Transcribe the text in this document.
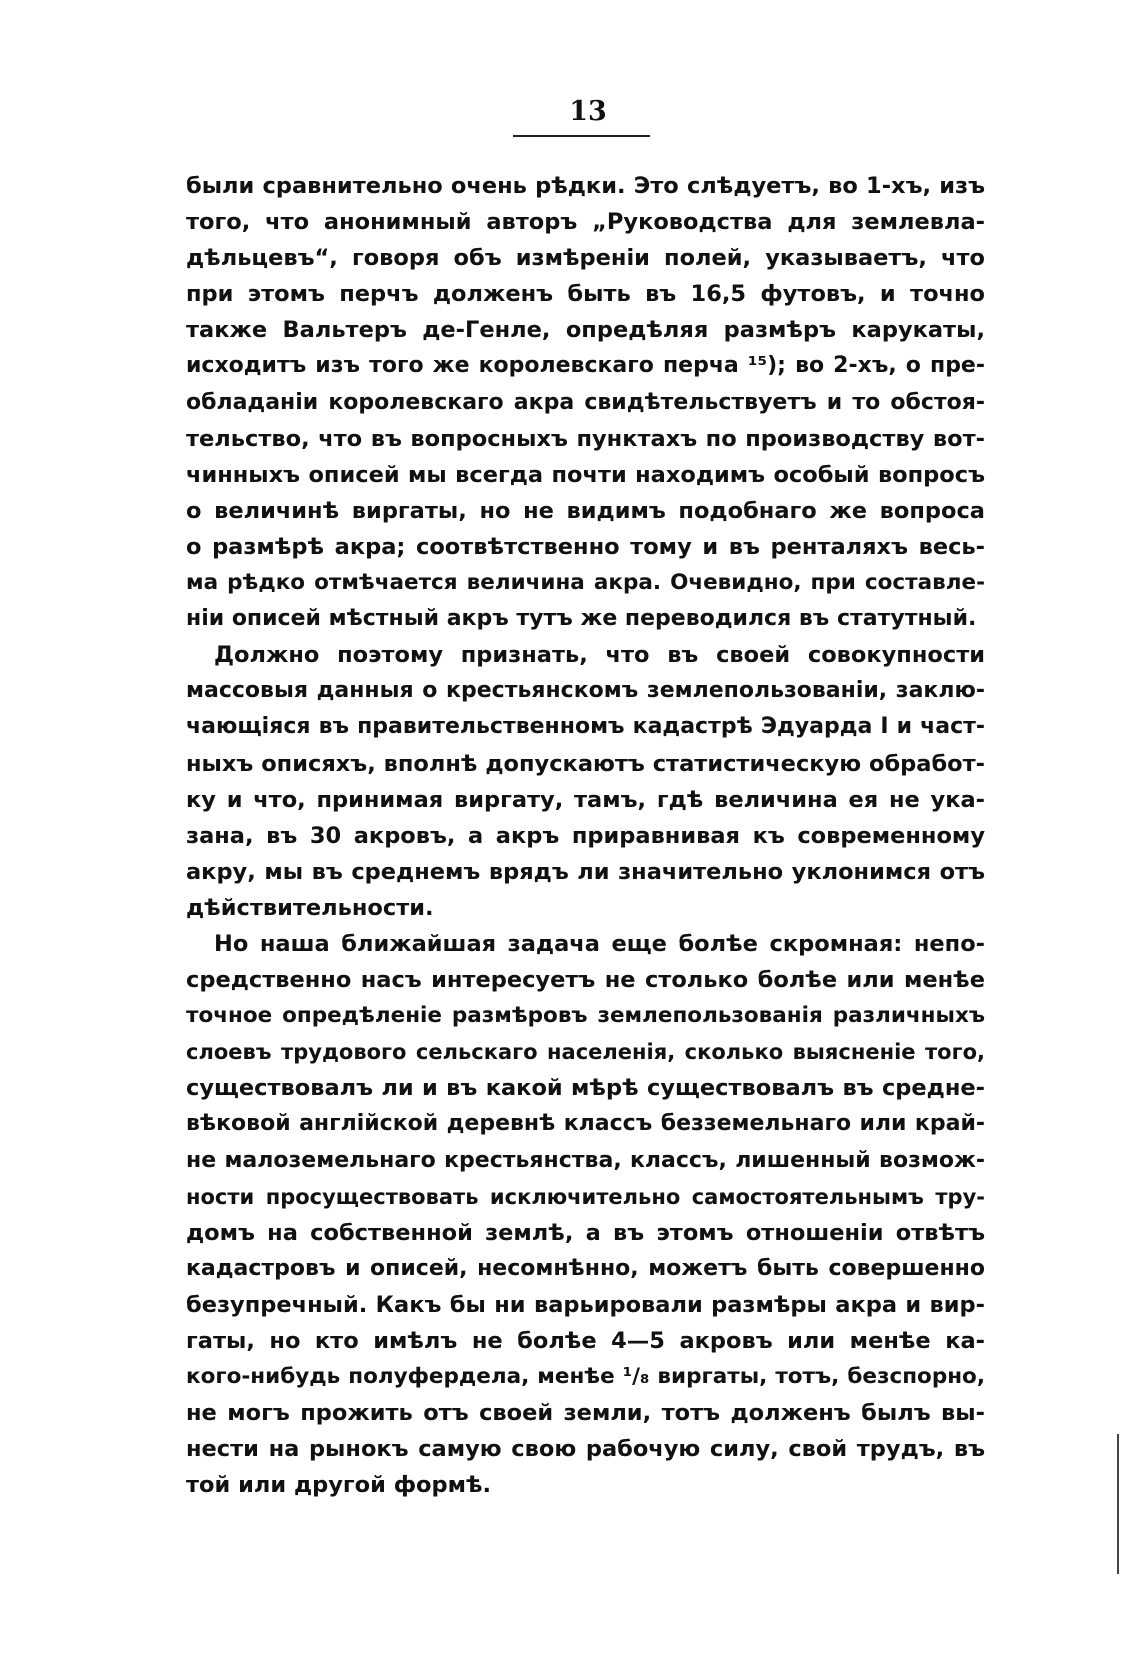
13
были сравнительно очень рѣдки. Это слѣдуетъ, во 1-хъ, изъ
того, что анонимный авторъ „Руководства для землевла-
дѣльцевъ“, говоря объ измѣреніи полей, указываетъ, что
при этомъ перчъ долженъ быть въ 16,5 футовъ, и точно
также Вальтеръ де-Генле, опредѣляя размѣръ карукаты,
исходитъ изъ того же королевскаго перча ¹⁵); во 2-хъ, о пре-
обладаніи королевскаго акра свидѣтельствуетъ и то обстоя-
тельство, что въ вопросныхъ пунктахъ по производству вот-
чинныхъ описей мы всегда почти находимъ особый вопросъ
о величинѣ виргаты, но не видимъ подобнаго же вопроса
о размѣрѣ акра; соотвѣтственно тому и въ ренталяхъ весь-
ма рѣдко отмѣчается величина акра. Очевидно, при составле-
ніи описей мѣстный акръ тутъ же переводился въ статутный.
Должно поэтому признать, что въ своей совокупности
массовыя данныя о крестьянскомъ землепользованіи, заклю-
чающіяся въ правительственномъ кадастрѣ Эдуарда I и част-
ныхъ описяхъ, вполнѣ допускаютъ статистическую обработ-
ку и что, принимая виргату, тамъ, гдѣ величина ея не ука-
зана, въ 30 акровъ, а акръ приравнивая къ современному
акру, мы въ среднемъ врядъ ли значительно уклонимся отъ
дѣйствительности.
Но наша ближайшая задача еще болѣе скромная: непо-
средственно насъ интересуетъ не столько болѣе или менѣе
точное опредѣленіе размѣровъ землепользованія различныхъ
слоевъ трудового сельскаго населенія, сколько выясненіе того,
существовалъ ли и въ какой мѣрѣ существовалъ въ средне-
вѣковой англійской деревнѣ классъ безземельнаго или край-
не малоземельнаго крестьянства, классъ, лишенный возмож-
ности просуществовать исключительно самостоятельнымъ тру-
домъ на собственной землѣ, а въ этомъ отношеніи отвѣтъ
кадастровъ и описей, несомнѣнно, можетъ быть совершенно
безупречный. Какъ бы ни варьировали размѣры акра и вир-
гаты, но кто имѣлъ не болѣе 4—5 акровъ или менѣе ка-
кого-нибудь полуфердела, менѣе ¹/₈ виргаты, тотъ, безспорно,
не могъ прожить отъ своей земли, тотъ долженъ былъ вы-
нести на рынокъ самую свою рабочую силу, свой трудъ, въ
той или другой формѣ.
